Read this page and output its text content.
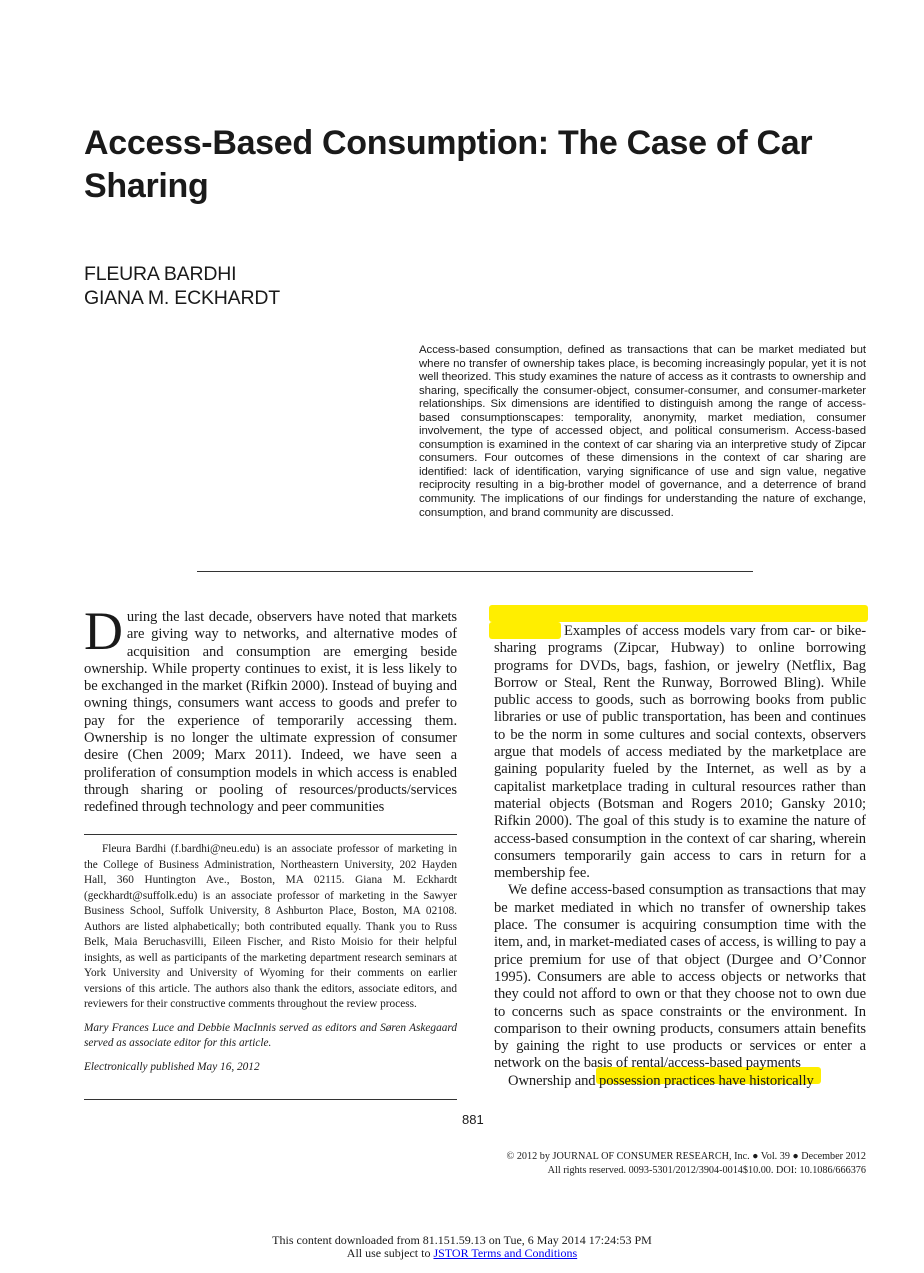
Access-Based Consumption: The Case of Car Sharing
FLEURA BARDHI
GIANA M. ECKHARDT
Access-based consumption, defined as transactions that can be market mediated but where no transfer of ownership takes place, is becoming increasingly popular, yet it is not well theorized. This study examines the nature of access as it contrasts to ownership and sharing, specifically the consumer-object, consumer-consumer, and consumer-marketer relationships. Six dimensions are identified to distinguish among the range of access-based consumptionscapes: temporality, anonymity, market mediation, consumer involvement, the type of accessed object, and political consumerism. Access-based consumption is examined in the context of car sharing via an interpretive study of Zipcar consumers. Four outcomes of these dimensions in the context of car sharing are identified: lack of identification, varying significance of use and sign value, negative reciprocity resulting in a big-brother model of governance, and a deterrence of brand community. The implications of our findings for understanding the nature of exchange, consumption, and brand community are discussed.

During the last decade, observers have noted that markets are giving way to networks, and alternative modes of acquisition and consumption are emerging beside ownership. While property continues to exist, it is less likely to be exchanged in the market (Rifkin 2000). Instead of buying and owning things, consumers want access to goods and prefer to pay for the experience of temporarily accessing them. Ownership is no longer the ultimate expression of consumer desire (Chen 2009; Marx 2011). Indeed, we have seen a proliferation of consumption models in which access is enabled through sharing or pooling of resources/products/services redefined through technology and peer communities

Fleura Bardhi (f.bardhi@neu.edu) is an associate professor of marketing in the College of Business Administration, Northeastern University, 202 Hayden Hall, 360 Huntington Ave., Boston, MA 02115. Giana M. Eckhardt (geckhardt@suffolk.edu) is an associate professor of marketing in the Sawyer Business School, Suffolk University, 8 Ashburton Place, Boston, MA 02108. Authors are listed alphabetically; both contributed equally. Thank you to Russ Belk, Maia Beruchasvilli, Eileen Fischer, and Risto Moisio for their helpful insights, as well as participants of the marketing department research seminars at York University and University of Wyoming for their comments on earlier versions of this article. The authors also thank the editors, associate editors, and reviewers for their constructive comments throughout the review process.

Mary Frances Luce and Debbie MacInnis served as editors and Søren Askegaard served as associate editor for this article.

Electronically published May 16, 2012

Examples of access models vary from car- or bike-sharing programs (Zipcar, Hubway) to online borrowing programs for DVDs, bags, fashion, or jewelry (Netflix, Bag Borrow or Steal, Rent the Runway, Borrowed Bling). While public access to goods, such as borrowing books from public libraries or use of public transportation, has been and continues to be the norm in some cultures and social contexts, observers argue that models of access mediated by the marketplace are gaining popularity fueled by the Internet, as well as by a capitalist marketplace trading in cultural resources rather than material objects (Botsman and Rogers 2010; Gansky 2010; Rifkin 2000). The goal of this study is to examine the nature of access-based consumption in the context of car sharing, wherein consumers temporarily gain access to cars in return for a membership fee.

We define access-based consumption as transactions that may be market mediated in which no transfer of ownership takes place. The consumer is acquiring consumption time with the item, and, in market-mediated cases of access, is willing to pay a price premium for use of that object (Durgee and O’Connor 1995). Consumers are able to access objects or networks that they could not afford to own or that they choose not to own due to concerns such as space constraints or the environment. In comparison to their owning products, consumers attain benefits by gaining the right to use products or services or enter a network on the basis of rental/access-based payments

Ownership and possession practices have historically

881
© 2012 by JOURNAL OF CONSUMER RESEARCH, Inc. ● Vol. 39 ● December 2012
All rights reserved. 0093-5301/2012/3904-0014$10.00. DOI: 10.1086/666376
This content downloaded from 81.151.59.13 on Tue, 6 May 2014 17:24:53 PM
All use subject to JSTOR Terms and Conditions
